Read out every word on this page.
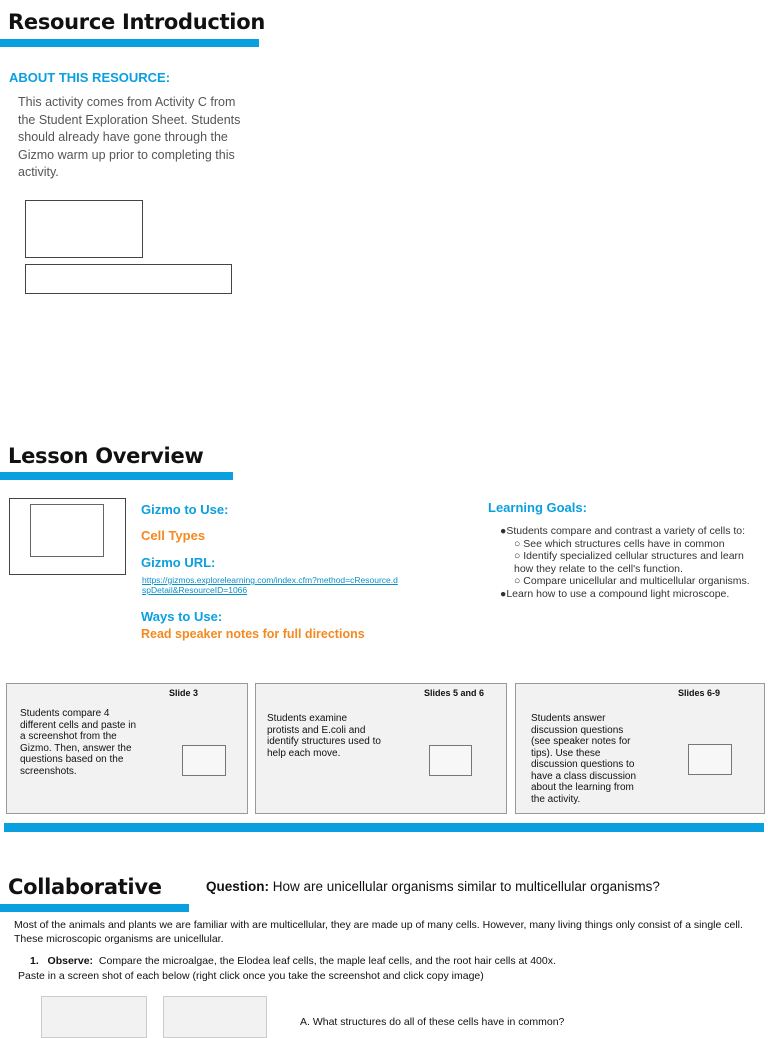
Resource Introduction
ABOUT THIS RESOURCE:
This activity comes from Activity C from the Student Exploration Sheet. Students should already have gone through the Gizmo warm up prior to completing this activity.
Lesson Overview
Gizmo to Use:
Cell Types
Gizmo URL:
https://gizmos.explorelearning.com/index.cfm?method=cResource.dspDetail&ResourceID=1066
Ways to Use:
Read speaker notes for full directions
Learning Goals:
●Students compare and contrast a variety of cells to:
○ See which structures cells have in common
○ Identify specialized cellular structures and learn how they relate to the cell's function.
○ Compare unicellular and multicellular organisms.
●Learn how to use a compound light microscope.
Slide 3
Students compare 4 different cells and paste in a screenshot from the Gizmo. Then, answer the questions based on the screenshots.
Slides 5 and 6
Students examine protists and E.coli and identify structures used to help each move.
Slides 6-9
Students answer discussion questions (see speaker notes for tips). Use these discussion questions to have a class discussion about the learning from the activity.
Collaborative	Question: How are unicellular organisms similar to multicellular organisms?
Most of the animals and plants we are familiar with are multicellular, they are made up of many cells. However, many living things only consist of a single cell. These microscopic organisms are unicellular.
1. Observe: Compare the microalgae, the Elodea leaf cells, the maple leaf cells, and the root hair cells at 400x.
Paste in a screen shot of each below (right click once you take the screenshot and click copy image)
A. What structures do all of these cells have in common?
